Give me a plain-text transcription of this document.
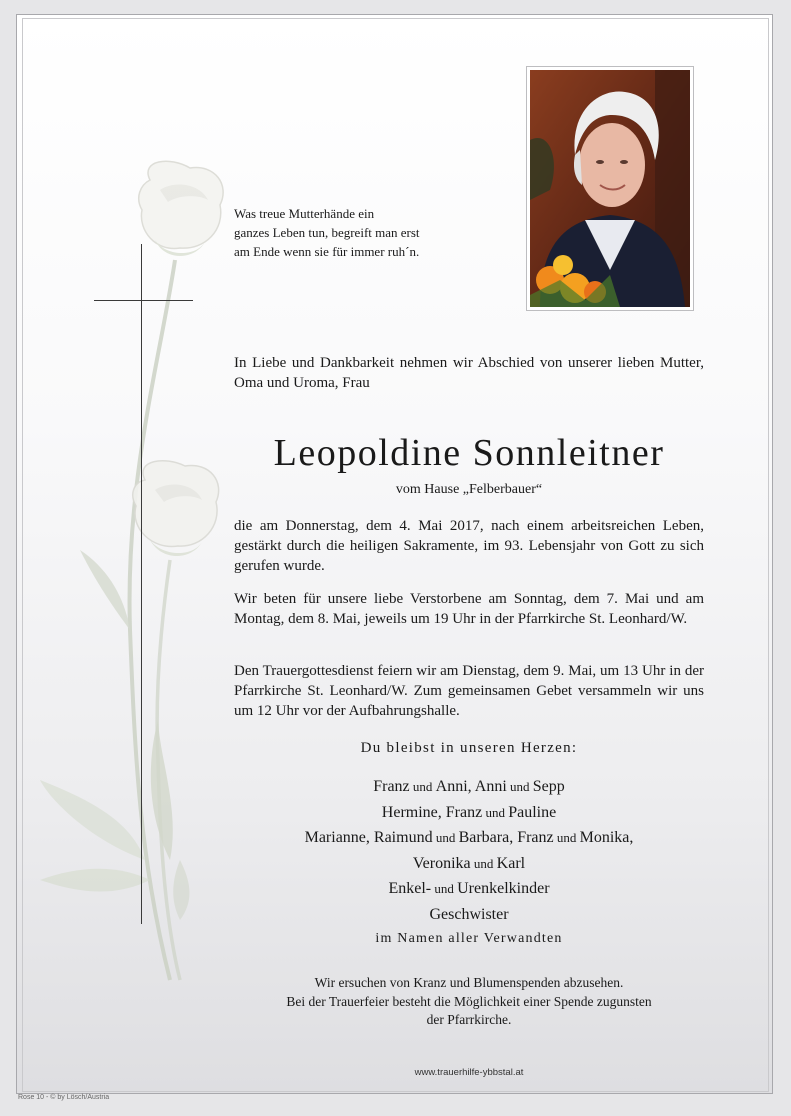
Was treue Mutterhände ein
ganzes Leben tun, begreift man erst
am Ende wenn sie für immer ruh´n.
In Liebe und Dankbarkeit nehmen wir Abschied von unserer lieben Mutter, Oma und Uroma, Frau
Leopoldine Sonnleitner
vom Hause „Felberbauer“
die am Donnerstag, dem 4. Mai 2017, nach einem arbeitsreichen Leben, gestärkt durch die heiligen Sakramente, im 93. Lebensjahr von Gott zu sich gerufen wurde.
Wir beten für unsere liebe Verstorbene am Sonntag, dem 7. Mai und am Montag, dem 8. Mai, jeweils um 19 Uhr in der Pfarrkirche St. Leonhard/W.
Den Trauergottesdienst feiern wir am Dienstag, dem 9. Mai, um 13 Uhr in der Pfarrkirche St. Leonhard/W. Zum gemeinsamen Gebet versammeln wir uns um 12 Uhr vor der Aufbahrungshalle.
Du bleibst in unseren Herzen:
Franz und Anni, Anni und Sepp
Hermine, Franz und Pauline
Marianne, Raimund und Barbara, Franz und Monika,
Veronika und Karl
Enkel- und Urenkelkinder
Geschwister
im Namen aller Verwandten
Wir ersuchen von Kranz und Blumenspenden abzusehen.
Bei der Trauerfeier besteht die Möglichkeit einer Spende zugunsten
der Pfarrkirche.
www.trauerhilfe-ybbstal.at
Rose 10 - © by Lösch/Austria
